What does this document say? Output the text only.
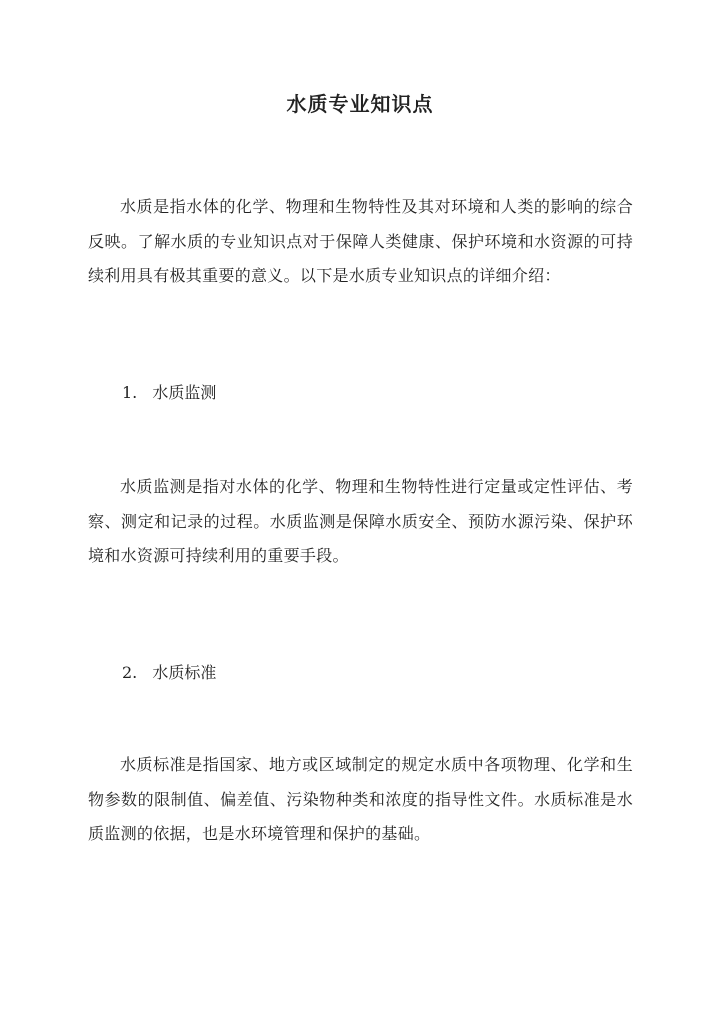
水质专业知识点

水质是指水体的化学、物理和生物特性及其对环境和人类的影响的综合反映。了解水质的专业知识点对于保障人类健康、保护环境和水资源的可持续利用具有极其重要的意义。以下是水质专业知识点的详细介绍：

1. 水质监测

水质监测是指对水体的化学、物理和生物特性进行定量或定性评估、考察、测定和记录的过程。水质监测是保障水质安全、预防水源污染、保护环境和水资源可持续利用的重要手段。

2. 水质标准

水质标准是指国家、地方或区域制定的规定水质中各项物理、化学和生物参数的限制值、偏差值、污染物种类和浓度的指导性文件。水质标准是水质监测的依据，也是水环境管理和保护的基础。
